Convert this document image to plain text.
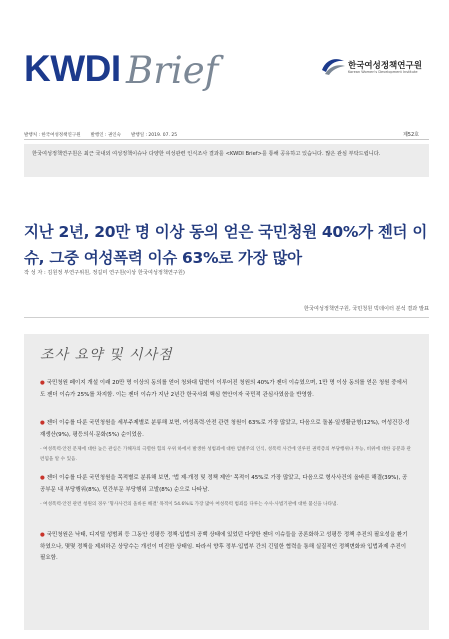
KWDI Brief	한국여성정책연구원
Korean Women's Development Institute
발행처 : 한국여성정책연구원 발행인 : 권인숙 발행일 : 2019. 07. 25	제52호
한국여성정책연구원은 최근 국내외 여성정책이슈나 다양한 여성관련 인식조사 결과를 <KWDI Brief>를 통해 공유하고 있습니다. 많은 관심 부탁드립니다.
지난 2년, 20만 명 이상 동의 얻은 국민청원 40%가 젠더 이슈, 그중 여성폭력 이슈 63%로 가장 많아
작 성 자 : 김원정 부연구위원, 정길미 연구원(이상 한국여성정책연구원)
한국여성정책연구원, 국민청원 빅데이터 분석 결과 발표
조사 요약 및 시사점
● 국민청원 페이지 개설 이래 20만 명 이상의 동의를 얻어 청와대 답변이 이루어진 청원의 40%가 젠더 이슈였으며, 1만 명 이상 동의를 얻은 청원 중에서도 젠더 이슈가 25%를 차지함. 이는 젠더 이슈가 지난 2년간 한국사회 핵심 현안이자 국민적 관심사였음을 반영함.
● 젠더 이슈를 다룬 국민청원을 세부주제별로 분류해 보면, 여성폭력·안전 관련 청원이 63%로 가장 많았고, 다음으로 돌봄·일생활균형(12%), 여성건강·성재생산(9%), 평등의식·문화(5%) 순이었음.
- 여성폭력·안전 문제에 대한 높은 관심은 가해자의 극렬한 힘의 우위 하에서 발생한 성범죄에 대한 엄벌주의 인식, 성폭력 사건에 연루된 권력층의 부당행위나 무능, 비위에 대한 공분과 관련됨을 알 수 있음.
● 젠더 이슈를 다룬 국민청원을 목적별로 분류해 보면, '법 제·개정 및 정책 제안' 목적이 45%로 가장 많았고, 다음으로 형사사건의 올바른 해결(39%), 공공부문 내 부당행위(8%), 민간부문 부당행위 고발(8%) 순으로 나타남.
- 여성폭력·안전 관련 청원의 경우 '형사사건의 올바른 해결' 목적이 54.6%로 가장 많아 여성폭력 범죄를 다루는 수사·사법기관에 대한 불신을 나타냄.
● 국민청원은 낙태, 디지털 성범죄 등 그동안 성평등 정책·입법의 공백 상태에 있었던 다양한 젠더 이슈들을 공론화하고 성평등 정책 추진의 필요성을 환기하였으나, 몇몇 정책을 제외하곤 상당수는 개선이 미진한 상태임. 따라서 향후 정부·입법부 간의 긴밀한 협력을 통해 실질적인 정책변화와 입법과제 추진이 필요함.
